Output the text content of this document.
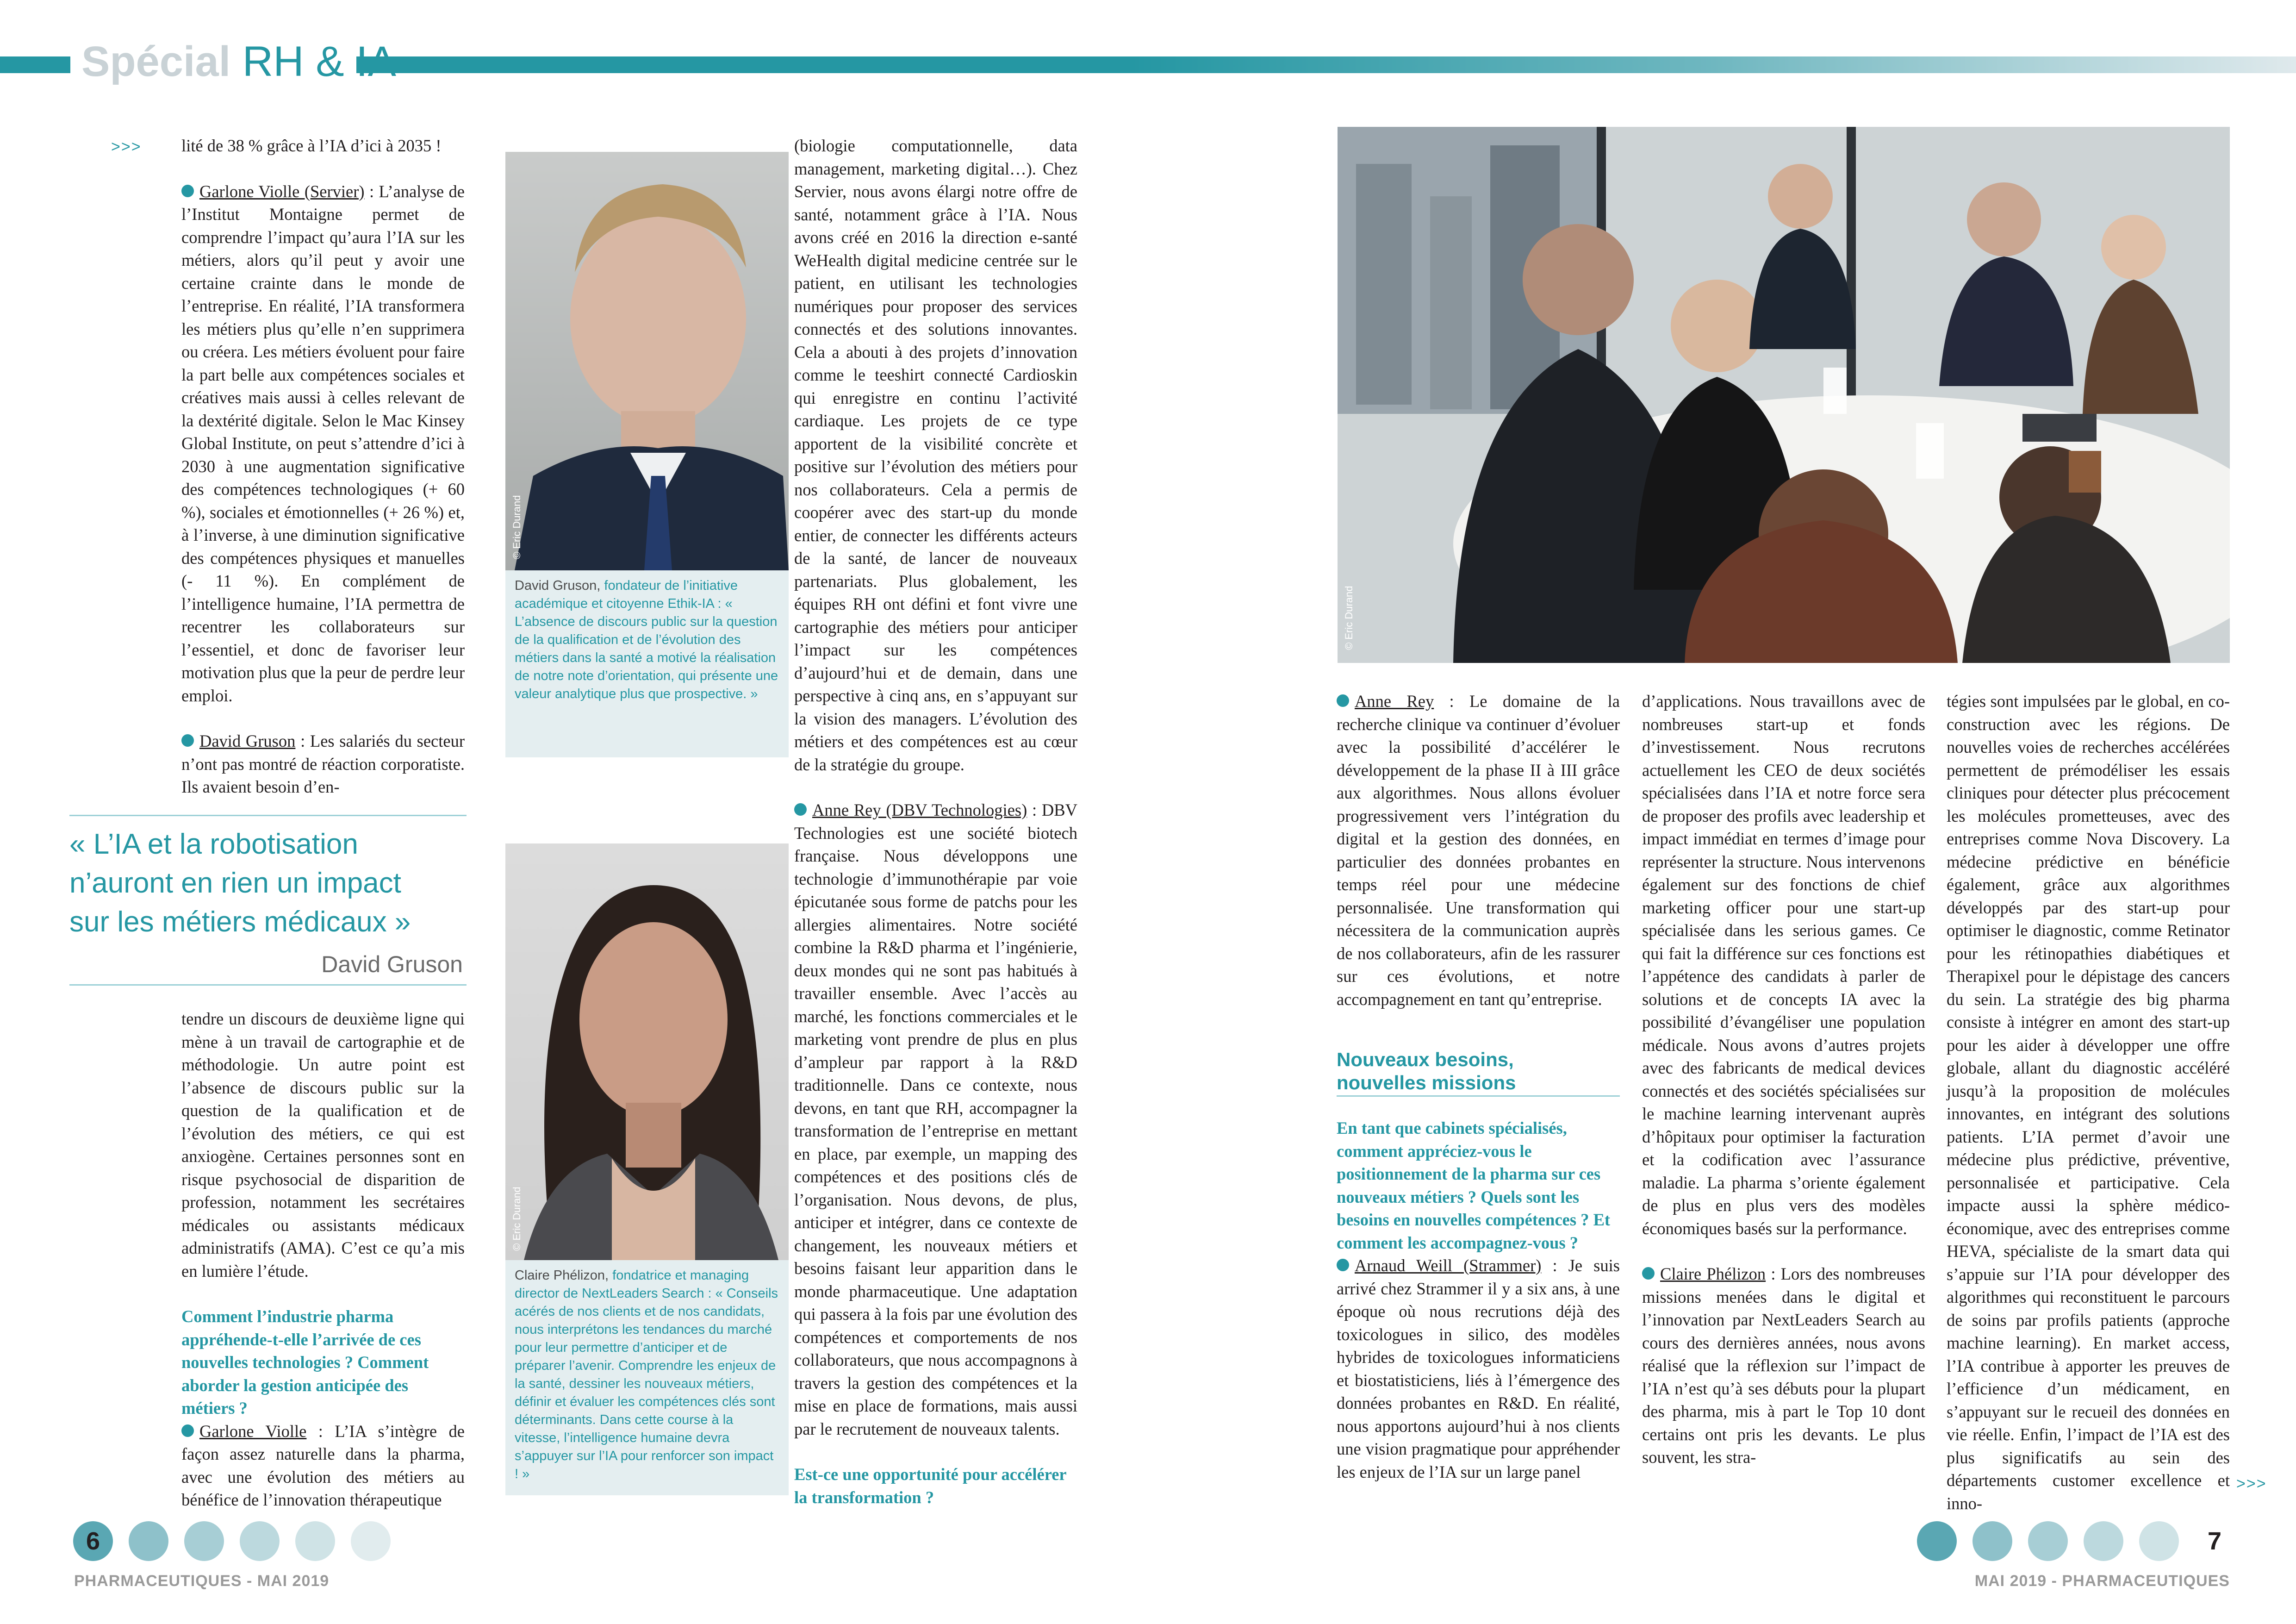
Spécial RH & IA
>>> lité de 38 % grâce à l’IA d’ici à 2035 !

Garlone Violle (Servier) : L’analyse de l’Institut Montaigne permet de comprendre l’impact qu’aura l’IA sur les métiers, alors qu’il peut y avoir une certaine crainte dans le monde de l’entreprise. En réalité, l’IA transformera les métiers plus qu’elle n’en supprimera ou créera. Les métiers évoluent pour faire la part belle aux compétences sociales et créatives mais aussi à celles relevant de la dextérité digitale. Selon le Mac Kinsey Global Institute, on peut s’attendre d’ici à 2030 à une augmentation significative des compétences technologiques (+ 60 %), sociales et émotionnelles (+ 26 %) et, à l’inverse, à une diminution significative des compétences physiques et manuelles (- 11 %). En complément de l’intelligence humaine, l’IA permettra de recentrer les collaborateurs sur l’essentiel, et donc de favoriser leur motivation plus que la peur de perdre leur emploi.

David Gruson : Les salariés du secteur n’ont pas montré de réaction corporatiste. Ils avaient besoin d’en-

« L’IA et la robotisation
n’auront en rien un impact
sur les métiers médicaux »
David Gruson

tendre un discours de deuxième ligne qui mène à un travail de cartographie et de méthodologie. Un autre point est l’absence de discours public sur la question de la qualification et de l’évolution des métiers, ce qui est anxiogène. Certaines personnes sont en risque psychosocial de disparition de profession, notamment les secrétaires médicales ou assistants médicaux administratifs (AMA). C’est ce qu’a mis en lumière l’étude.

Comment l’industrie pharma appréhende-t-elle l’arrivée de ces nouvelles technologies ? Comment aborder la gestion anticipée des métiers ?

Garlone Violle : L’IA s’intègre de façon assez naturelle dans la pharma, avec une évolution des métiers au bénéfice de l’innovation thérapeutique

© Eric Durand
David Gruson, fondateur de l’initiative académique et citoyenne Ethik-IA : « L’absence de discours public sur la question de la qualification et de l’évolution des métiers dans la santé a motivé la réalisation de notre note d’orientation, qui présente une valeur analytique plus que prospective. »
© Eric Durand
Claire Phélizon, fondatrice et managing director de NextLeaders Search : « Conseils acérés de nos clients et de nos candidats, nous interprétons les tendances du marché pour leur permettre d’anticiper et de préparer l’avenir. Comprendre les enjeux de la santé, dessiner les nouveaux métiers, définir et évaluer les compétences clés sont déterminants. Dans cette course à la vitesse, l’intelligence humaine devra s’appuyer sur l’IA pour renforcer son impact ! »

(biologie computationnelle, data management, marketing digital…). Chez Servier, nous avons élargi notre offre de santé, notamment grâce à l’IA. Nous avons créé en 2016 la direction e-santé WeHealth digital medicine centrée sur le patient, en utilisant les technologies numériques pour proposer des services connectés et des solutions innovantes. Cela a abouti à des projets d’innovation comme le teeshirt connecté Cardioskin qui enregistre en continu l’activité cardiaque. Les projets de ce type apportent de la visibilité concrète et positive sur l’évolution des métiers pour nos collaborateurs. Cela a permis de coopérer avec des start-up du monde entier, de connecter les différents acteurs de la santé, de lancer de nouveaux partenariats. Plus globalement, les équipes RH ont défini et font vivre une cartographie des métiers pour anticiper l’impact sur les compétences d’aujourd’hui et de demain, dans une perspective à cinq ans, en s’appuyant sur la vision des managers. L’évolution des métiers et des compétences est au cœur de la stratégie du groupe.

Anne Rey (DBV Technologies) : DBV Technologies est une société biotech française. Nous développons une technologie d’immunothérapie par voie épicutanée sous forme de patchs pour les allergies alimentaires. Notre société combine la R&D pharma et l’ingénierie, deux mondes qui ne sont pas habitués à travailler ensemble. Avec l’accès au marché, les fonctions commerciales et le marketing vont prendre de plus en plus d’ampleur par rapport à la R&D traditionnelle. Dans ce contexte, nous devons, en tant que RH, accompagner la transformation de l’entreprise en mettant en place, par exemple, un mapping des compétences et des positions clés de l’organisation. Nous devons, de plus, anticiper et intégrer, dans ce contexte de changement, les nouveaux métiers et besoins faisant leur apparition dans le monde pharmaceutique. Une adaptation qui passera à la fois par une évolution des compétences et comportements de nos collaborateurs, que nous accompagnons à travers la gestion des compétences et la mise en place de formations, mais aussi par le recrutement de nouveaux talents.

Est-ce une opportunité pour accélérer la transformation ?

© Eric Durand

Anne Rey : Le domaine de la recherche clinique va continuer d’évoluer avec la possibilité d’accélérer le développement de la phase II à III grâce aux algorithmes. Nous allons évoluer progressivement vers l’intégration du digital et la gestion des données, en particulier des données probantes en temps réel pour une médecine personnalisée. Une transformation qui nécessitera de la communication auprès de nos collaborateurs, afin de les rassurer sur ces évolutions, et notre accompagnement en tant qu’entreprise.

Nouveaux besoins,
nouvelles missions

En tant que cabinets spécialisés, comment appréciez-vous le positionnement de la pharma sur ces nouveaux métiers ? Quels sont les besoins en nouvelles compétences ? Et comment les accompagnez-vous ?

Arnaud Weill (Strammer) : Je suis arrivé chez Strammer il y a six ans, à une époque où nous recrutions déjà des toxicologues in silico, des modèles hybrides de toxicologues informaticiens et biostatisticiens, liés à l’émergence des données probantes en R&D. En réalité, nous apportons aujourd’hui à nos clients une vision pragmatique pour appréhender les enjeux de l’IA sur un large panel

d’applications. Nous travaillons avec de nombreuses start-up et fonds d’investissement. Nous recrutons actuellement les CEO de deux sociétés spécialisées dans l’IA et notre force sera de proposer des profils avec leadership et impact immédiat en termes d’image pour représenter la structure. Nous intervenons également sur des fonctions de chief marketing officer pour une start-up spécialisée dans les serious games. Ce qui fait la différence sur ces fonctions est l’appétence des candidats à parler de solutions et de concepts IA avec la possibilité d’évangéliser une population médicale. Nous avons d’autres projets avec des fabricants de medical devices connectés et des sociétés spécialisées sur le machine learning intervenant auprès d’hôpitaux pour optimiser la facturation et la codification avec l’assurance maladie. La pharma s’oriente également de plus en plus vers des modèles économiques basés sur la performance.

Claire Phélizon : Lors des nombreuses missions menées dans le digital et l’innovation par NextLeaders Search au cours des dernières années, nous avons réalisé que la réflexion sur l’impact de l’IA n’est qu’à ses débuts pour la plupart des pharma, mis à part le Top 10 dont certains ont pris les devants. Le plus souvent, les stra-

tégies sont impulsées par le global, en co-construction avec les régions. De nouvelles voies de recherches accélérées permettent de prémodéliser les essais cliniques pour détecter plus précocement les molécules prometteuses, avec des entreprises comme Nova Discovery. La médecine prédictive en bénéficie également, grâce aux algorithmes développés par des start-up pour optimiser le diagnostic, comme Retinator pour les rétinopathies diabétiques et Therapixel pour le dépistage des cancers du sein. La stratégie des big pharma consiste à intégrer en amont des start-up pour les aider à développer une offre globale, allant du diagnostic accéléré jusqu’à la proposition de molécules innovantes, en intégrant des solutions patients. L’IA permet d’avoir une médecine plus prédictive, préventive, personnalisée et participative. Cela impacte aussi la sphère médico-économique, avec des entreprises comme HEVA, spécialiste de la smart data qui s’appuie sur l’IA pour développer des algorithmes qui reconstituent le parcours de soins par profils patients (approche machine learning). En market access, l’IA contribue à apporter les preuves de l’efficience d’un médicament, en s’appuyant sur le recueil des données en vie réelle. Enfin, l’impact de l’IA est des plus significatifs au sein des départements customer excellence et inno-

>>>
6
PHARMACEUTIQUES - MAI 2019
7
MAI 2019 - PHARMACEUTIQUES
